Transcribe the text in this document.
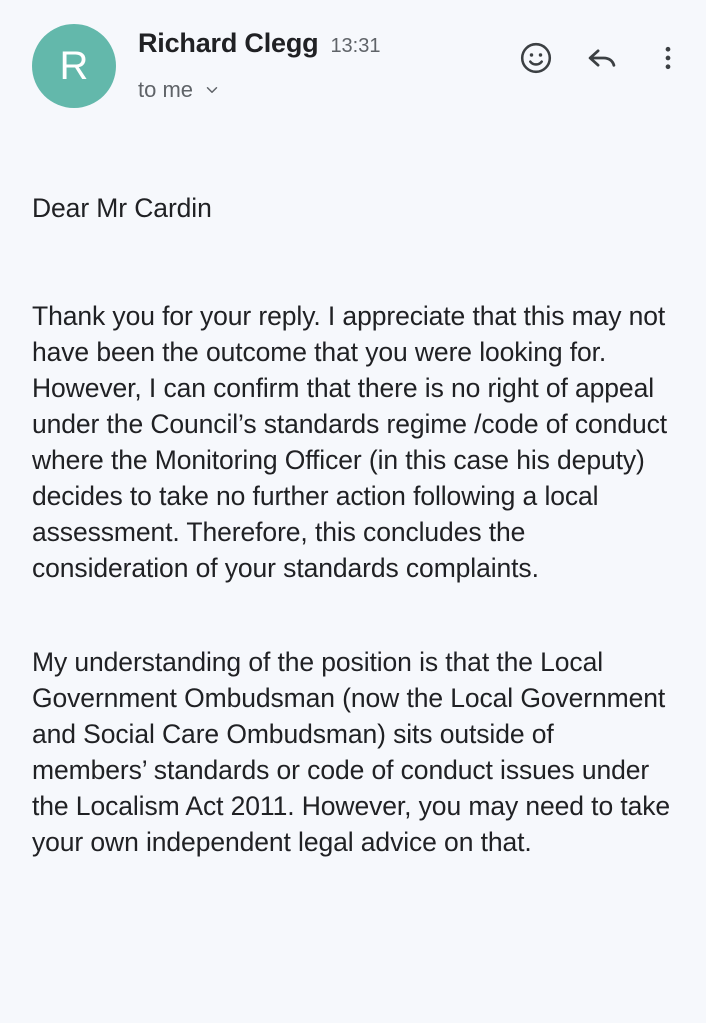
R
Richard Clegg 13:31
to me

Dear Mr Cardin

Thank you for your reply. I appreciate that this may not have been the outcome that you were looking for. However, I can confirm that there is no right of appeal under the Council’s standards regime /code of conduct where the Monitoring Officer (in this case his deputy) decides to take no further action following a local assessment. Therefore, this concludes the consideration of your standards complaints.

My understanding of the position is that the Local Government Ombudsman (now the Local Government and Social Care Ombudsman) sits outside of members’ standards or code of conduct issues under the Localism Act 2011. However, you may need to take your own independent legal advice on that.
